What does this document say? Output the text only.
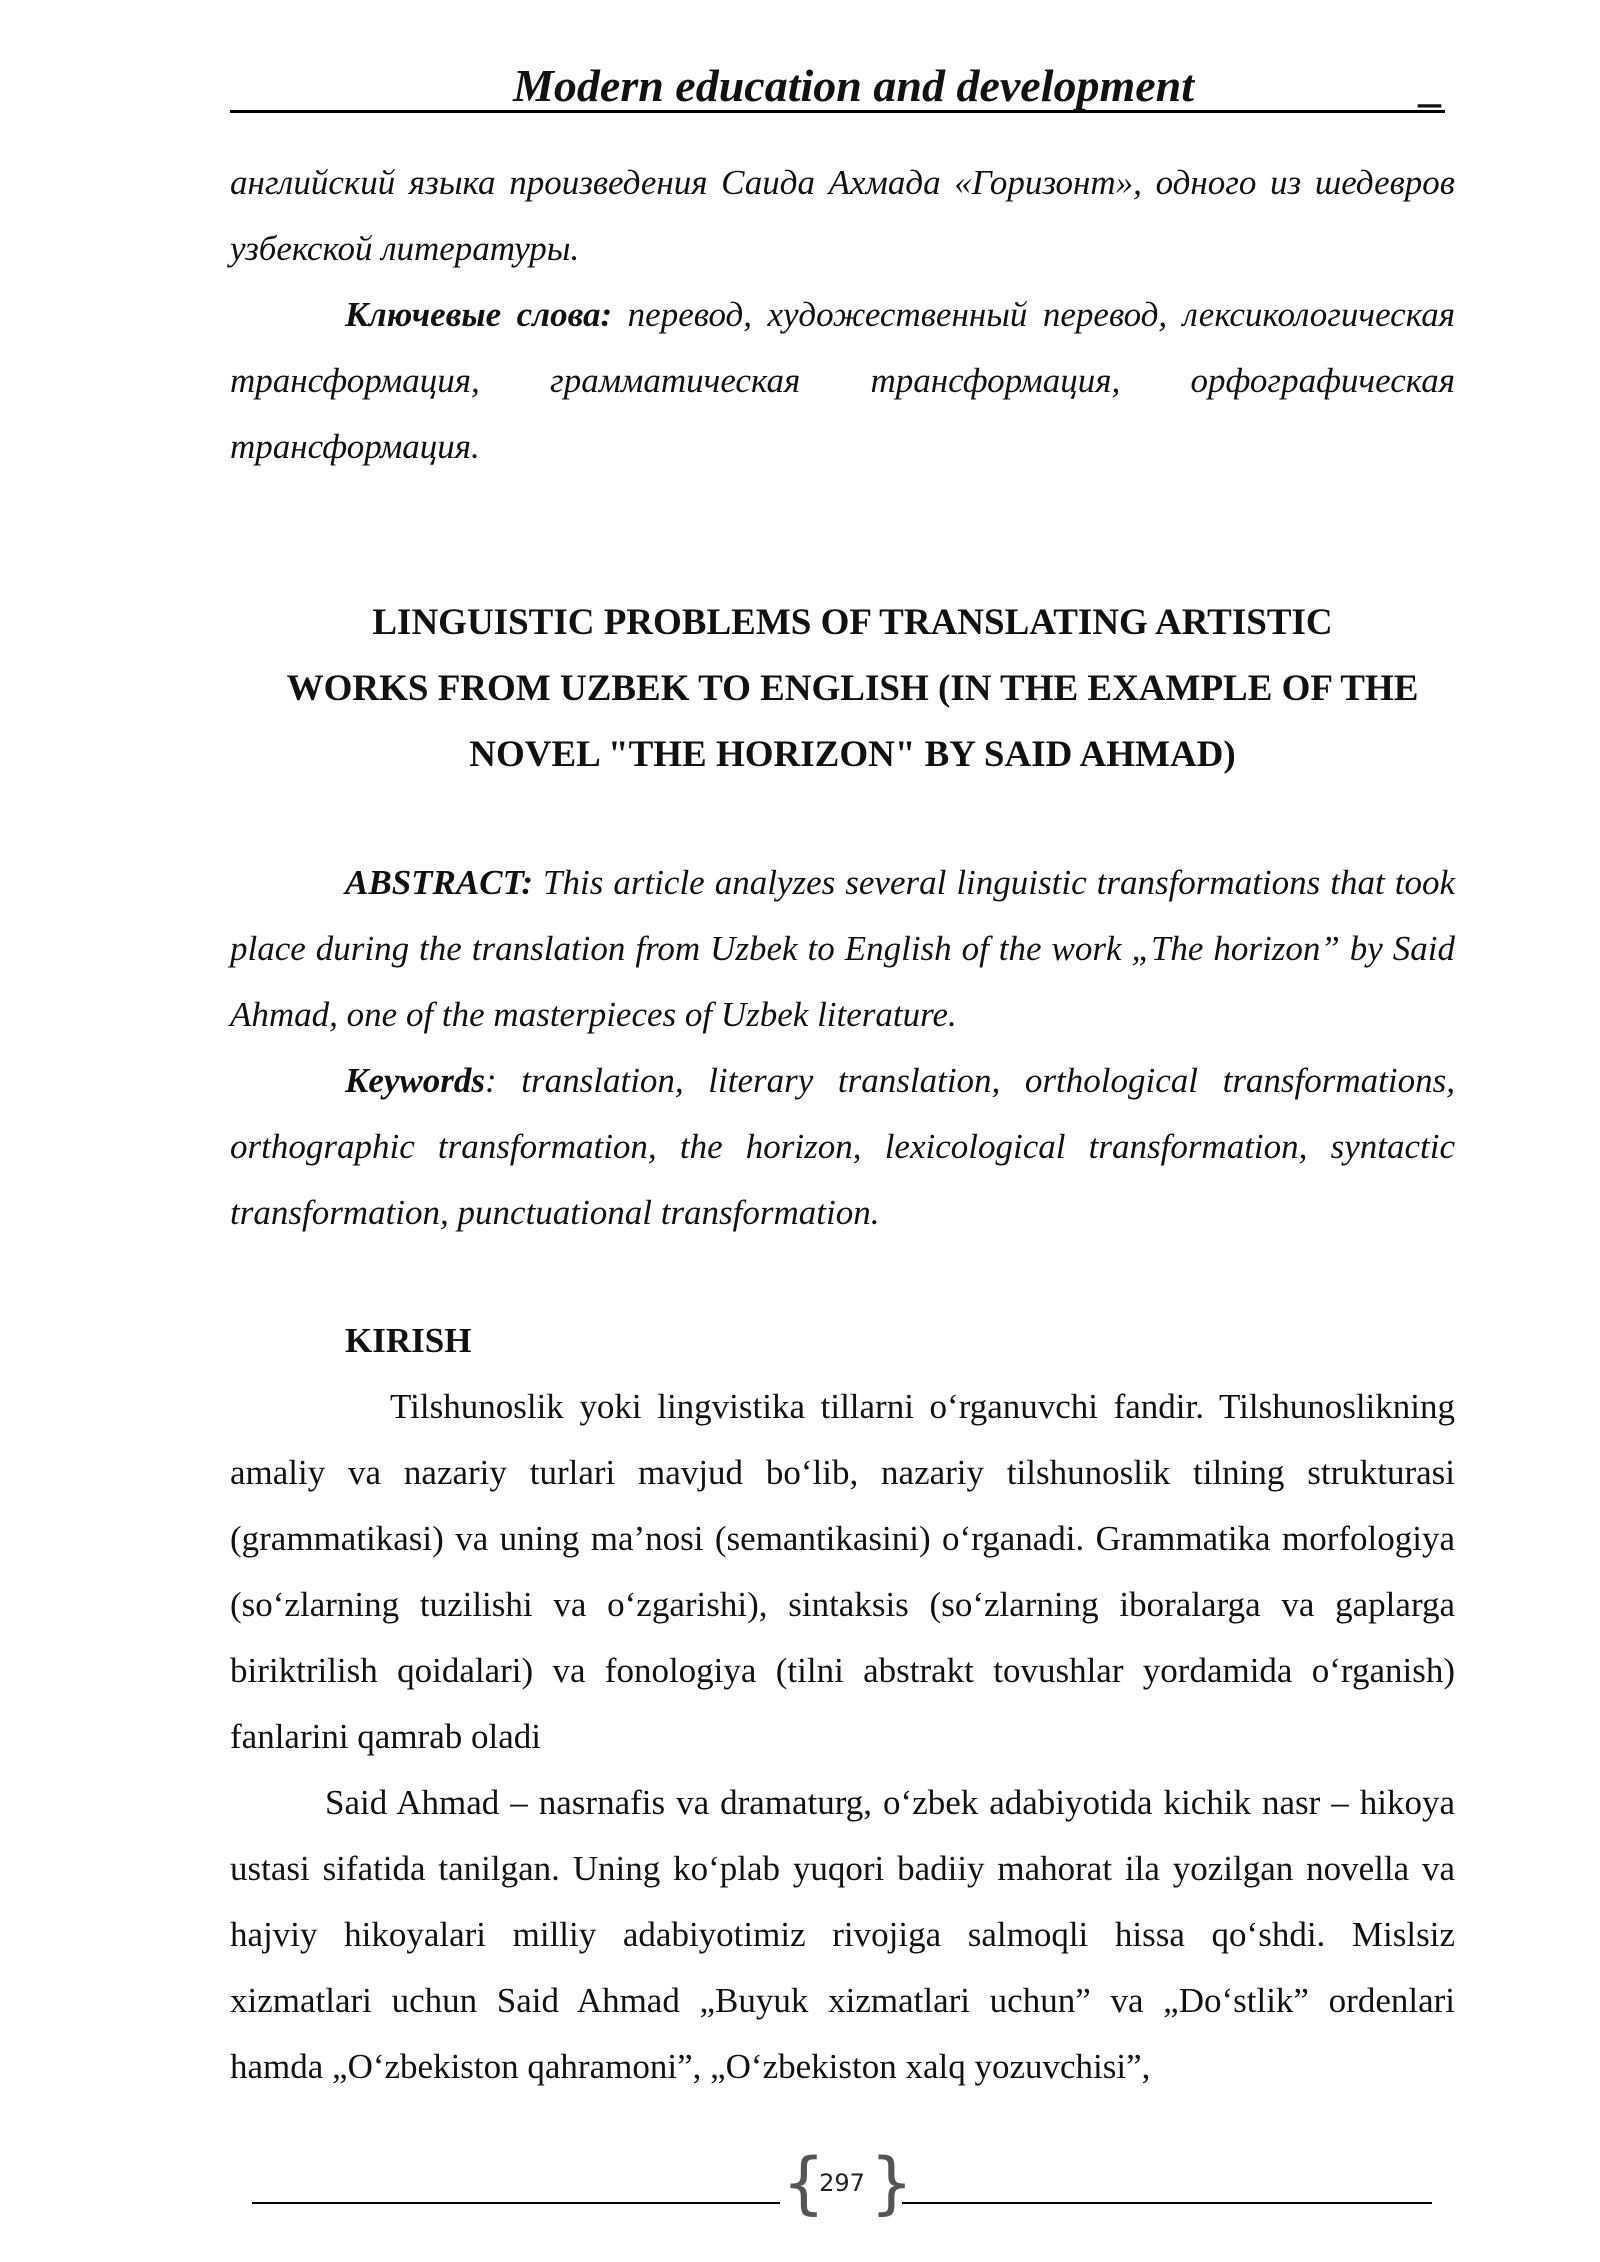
Modern education and development	_

английский языка произведения Саида Ахмада «Горизонт», одного из шедевров узбекской литературы.

Ключевые слова: перевод, художественный перевод, лексикологическая трансформация, грамматическая трансформация, орфографическая трансформация.

LINGUISTIC PROBLEMS OF TRANSLATING ARTISTIC

WORKS FROM UZBEK TO ENGLISH (IN THE EXAMPLE OF THE

NOVEL "THE HORIZON" BY SAID AHMAD)

ABSTRACT: This article analyzes several linguistic transformations that took place during the translation from Uzbek to English of the work „The horizon” by Said Ahmad, one of the masterpieces of Uzbek literature.

Keywords: translation, literary translation, orthological transformations, orthographic transformation, the horizon, lexicological transformation, syntactic transformation, punctuational transformation.

KIRISH

Tilshunoslik yoki lingvistika tillarni o‘rganuvchi fandir. Tilshunoslikning amaliy va nazariy turlari mavjud bo‘lib, nazariy tilshunoslik tilning strukturasi (grammatikasi) va uning ma’nosi (semantikasini) o‘rganadi. Grammatika morfologiya (so‘zlarning tuzilishi va o‘zgarishi), sintaksis (so‘zlarning iboralarga va gaplarga biriktrilish qoidalari) va fonologiya (tilni abstrakt tovushlar yordamida o‘rganish) fanlarini qamrab oladi

Said Ahmad – nasrnafis va dramaturg, o‘zbek adabiyotida kichik nasr – hikoya ustasi sifatida tanilgan. Uning ko‘plab yuqori badiiy mahorat ila yozilgan novella va hajviy hikoyalari milliy adabiyotimiz rivojiga salmoqli hissa qo‘shdi. Mislsiz xizmatlari uchun Said Ahmad „Buyuk xizmatlari uchun” va „Do‘stlik” ordenlari hamda „O‘zbekiston qahramoni”, „O‘zbekiston xalq yozuvchisi”,

{
297 }
